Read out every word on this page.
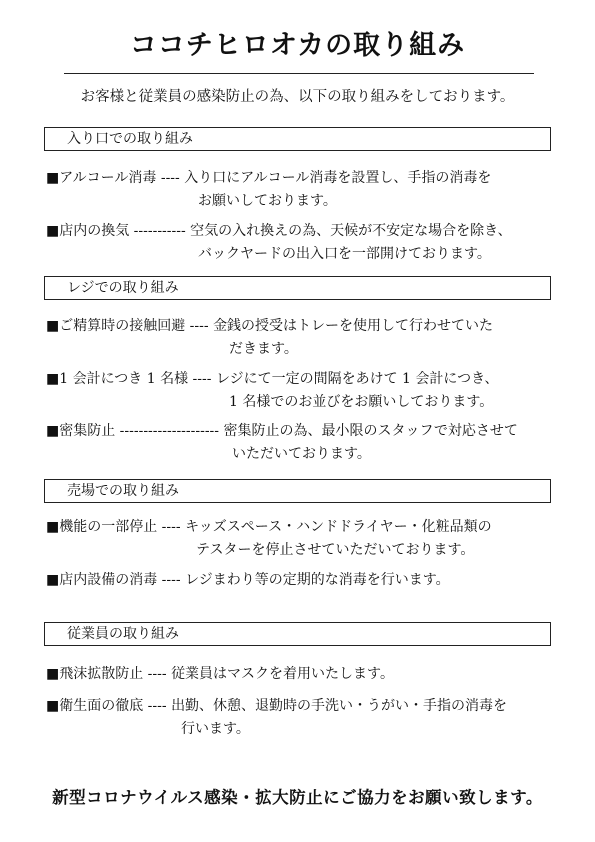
ココチヒロオカの取り組み
お客様と従業員の感染防止の為、以下の取り組みをしております。
入り口での取り組み
■アルコール消毒 ---- 入り口にアルコール消毒を設置し、手指の消毒を
お願いしております。
■店内の換気 ----------- 空気の入れ換えの為、天候が不安定な場合を除き、
バックヤードの出入口を一部開けております。
レジでの取り組み
■ご精算時の接触回避 ---- 金銭の授受はトレーを使用して行わせていた
だきます。
■1 会計につき 1 名様 ---- レジにて一定の間隔をあけて 1 会計につき、
1 名様でのお並びをお願いしております。
■密集防止 --------------------- 密集防止の為、最小限のスタッフで対応させて
いただいております。
売場での取り組み
■機能の一部停止 ---- キッズスペース・ハンドドライヤー・化粧品類の
テスターを停止させていただいております。
■店内設備の消毒 ---- レジまわり等の定期的な消毒を行います。
従業員の取り組み
■飛沫拡散防止 ---- 従業員はマスクを着用いたします。
■衛生面の徹底 ---- 出勤、休憩、退勤時の手洗い・うがい・手指の消毒を
行います。
新型コロナウイルス感染・拡大防止にご協力をお願い致します。
